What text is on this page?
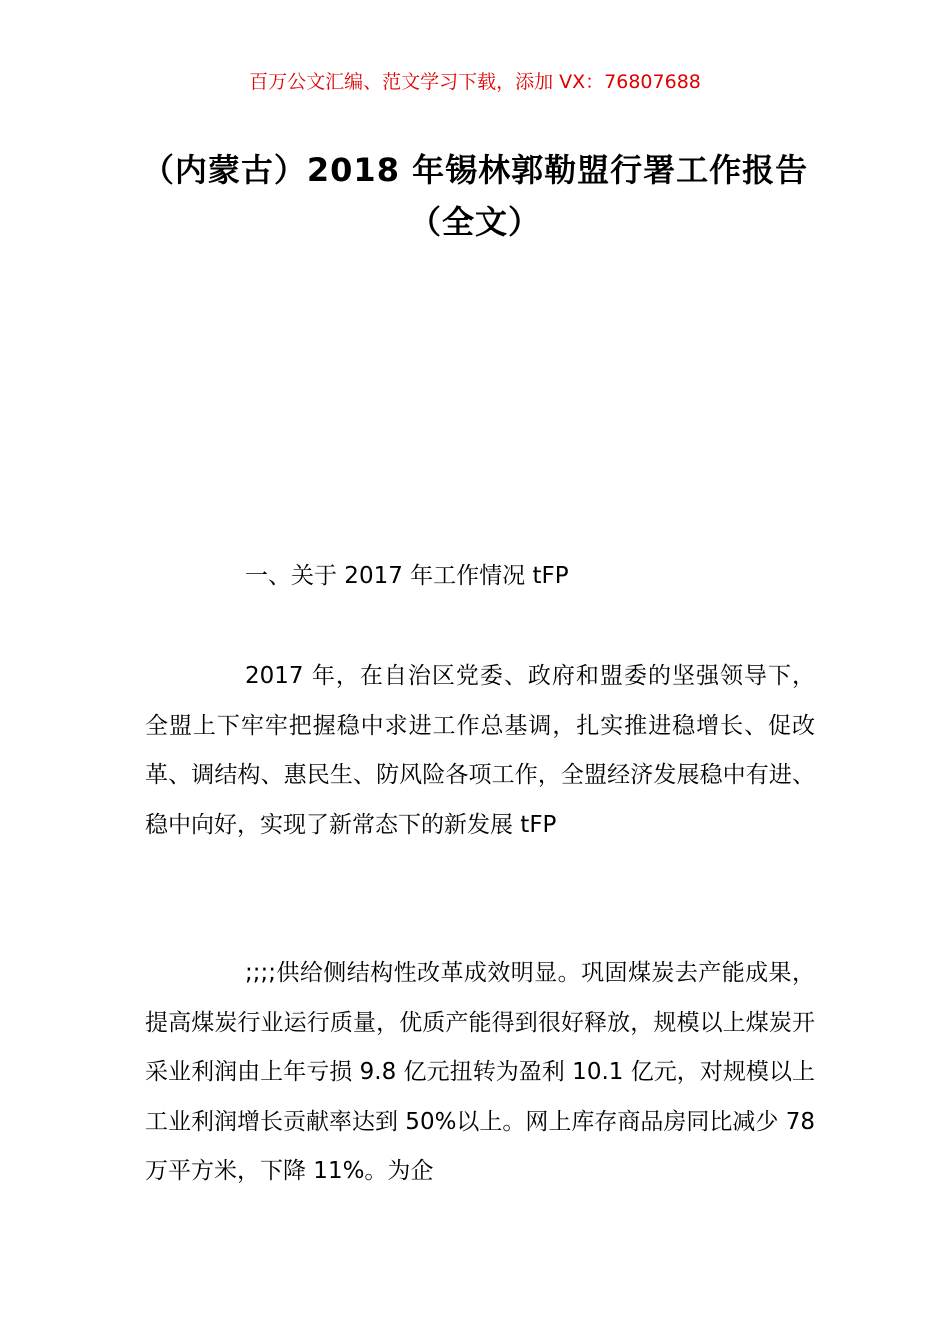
百万公文汇编、范文学习下载，添加 VX：76807688
（内蒙古）2018 年锡林郭勒盟行署工作报告（全文）
一、关于 2017 年工作情况 tFP
2017 年，在自治区党委、政府和盟委的坚强领导下，全盟上下牢牢把握稳中求进工作总基调，扎实推进稳增长、促改革、调结构、惠民生、防风险各项工作，全盟经济发展稳中有进、稳中向好，实现了新常态下的新发展 tFP
;;;;供给侧结构性改革成效明显。巩固煤炭去产能成果，提高煤炭行业运行质量，优质产能得到很好释放，规模以上煤炭开采业利润由上年亏损 9.8 亿元扭转为盈利 10.1 亿元，对规模以上工业利润增长贡献率达到 50%以上。网上库存商品房同比减少 78 万平方米，下降 11%。为企
